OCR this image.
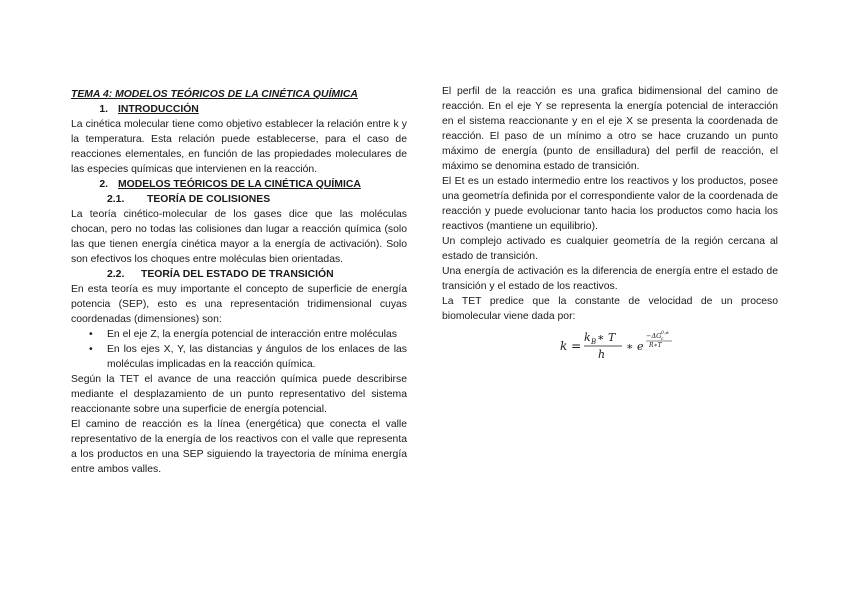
TEMA 4: MODELOS TEÓRICOS DE LA CINÉTICA QUÍMICA

1. INTRODUCCIÓN

La cinética molecular tiene como objetivo establecer la relación entre k y la temperatura. Esta relación puede establecerse, para el caso de reacciones elementales, en función de las propiedades moleculares de las especies químicas que intervienen en la reacción.

2. MODELOS TEÓRICOS DE LA CINÉTICA QUÍMICA

2.1. TEORÍA DE COLISIONES

La teoría cinético-molecular de los gases dice que las moléculas chocan, pero no todas las colisiones dan lugar a reacción química (solo las que tienen energía cinética mayor a la energía de activación). Solo son efectivos los choques entre moléculas bien orientadas.

2.2. TEORÍA DEL ESTADO DE TRANSICIÓN

En esta teoría es muy importante el concepto de superficie de energía potencia (SEP), esto es una representación tridimensional cuyas coordenadas (dimensiones) son:

• En el eje Z, la energía potencial de interacción entre moléculas
• En los ejes X, Y, las distancias y ángulos de los enlaces de las moléculas implicadas en la reacción química.

Según la TET el avance de una reacción química puede describirse mediante el desplazamiento de un punto representativo del sistema reaccionante sobre una superficie de energía potencial.

El camino de reacción es la línea (energética) que conecta el valle representativo de la energía de los reactivos con el valle que representa a los productos en una SEP siguiendo la trayectoria de mínima energía entre ambos valles.

El perfil de la reacción es una grafica bidimensional del camino de reacción. En el eje Y se representa la energía potencial de interacción en el sistema reaccionante y en el eje X se presenta la coordenada de reacción. El paso de un mínimo a otro se hace cruzando un punto máximo de energía (punto de ensilladura) del perfil de reacción, el máximo se denomina estado de transición.

El Et es un estado intermedio entre los reactivos y los productos, posee una geometría definida por el correspondiente valor de la coordenada de reacción y puede evolucionar tanto hacia los productos como hacia los reactivos (mantiene un equilibrio).

Un complejo activado es cualquier geometría de la región cercana al estado de transición.

Una energía de activación es la diferencia de energía entre el estado de transición y el estado de los reactivos.

La TET predice que la constante de velocidad de un proceso biomolecular viene dada por:

k =
k B ∗ T
h
∗ e
−ΔG c
0,≠
R∗T
